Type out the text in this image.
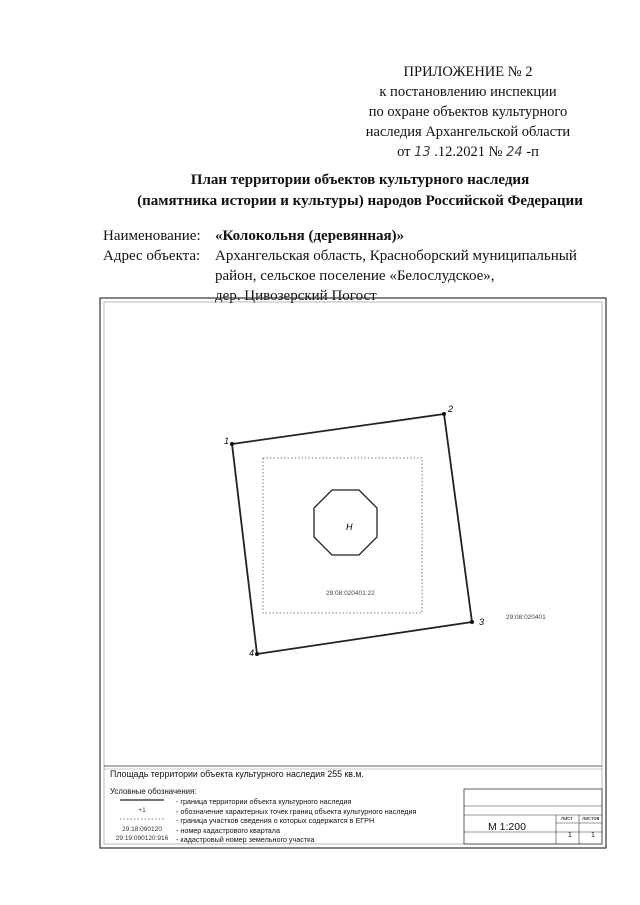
ПРИЛОЖЕНИЕ № 2
к постановлению инспекции
по охране объектов культурного
наследия Архангельской области
от 13 .12.2021 № 24 -п
План территории объектов культурного наследия
(памятника истории и культуры) народов Российской Федерации
Наименование: «Колокольня (деревянная)»
Адрес объекта: Архангельская область, Красноборский муниципальный
район, сельское поселение «Белослудское»,
дер. Цивозерский Погост
1
2
3
4
29:08:020401:22
29:08:020401
Н
Площадь территории объекта культурного наследия 255 кв.м.
Условные обозначения:
- граница территории объекта культурного наследия
+1	- обозначение характерных точек границ объекта культурного наследия
- граница участков сведения о которых содержатся в ЕГРН
29:18:090120	- номер кадастрового квартала
29:19:090120:916	- кадастровый номер земельного участка
М 1:200
лист листов
1	1
